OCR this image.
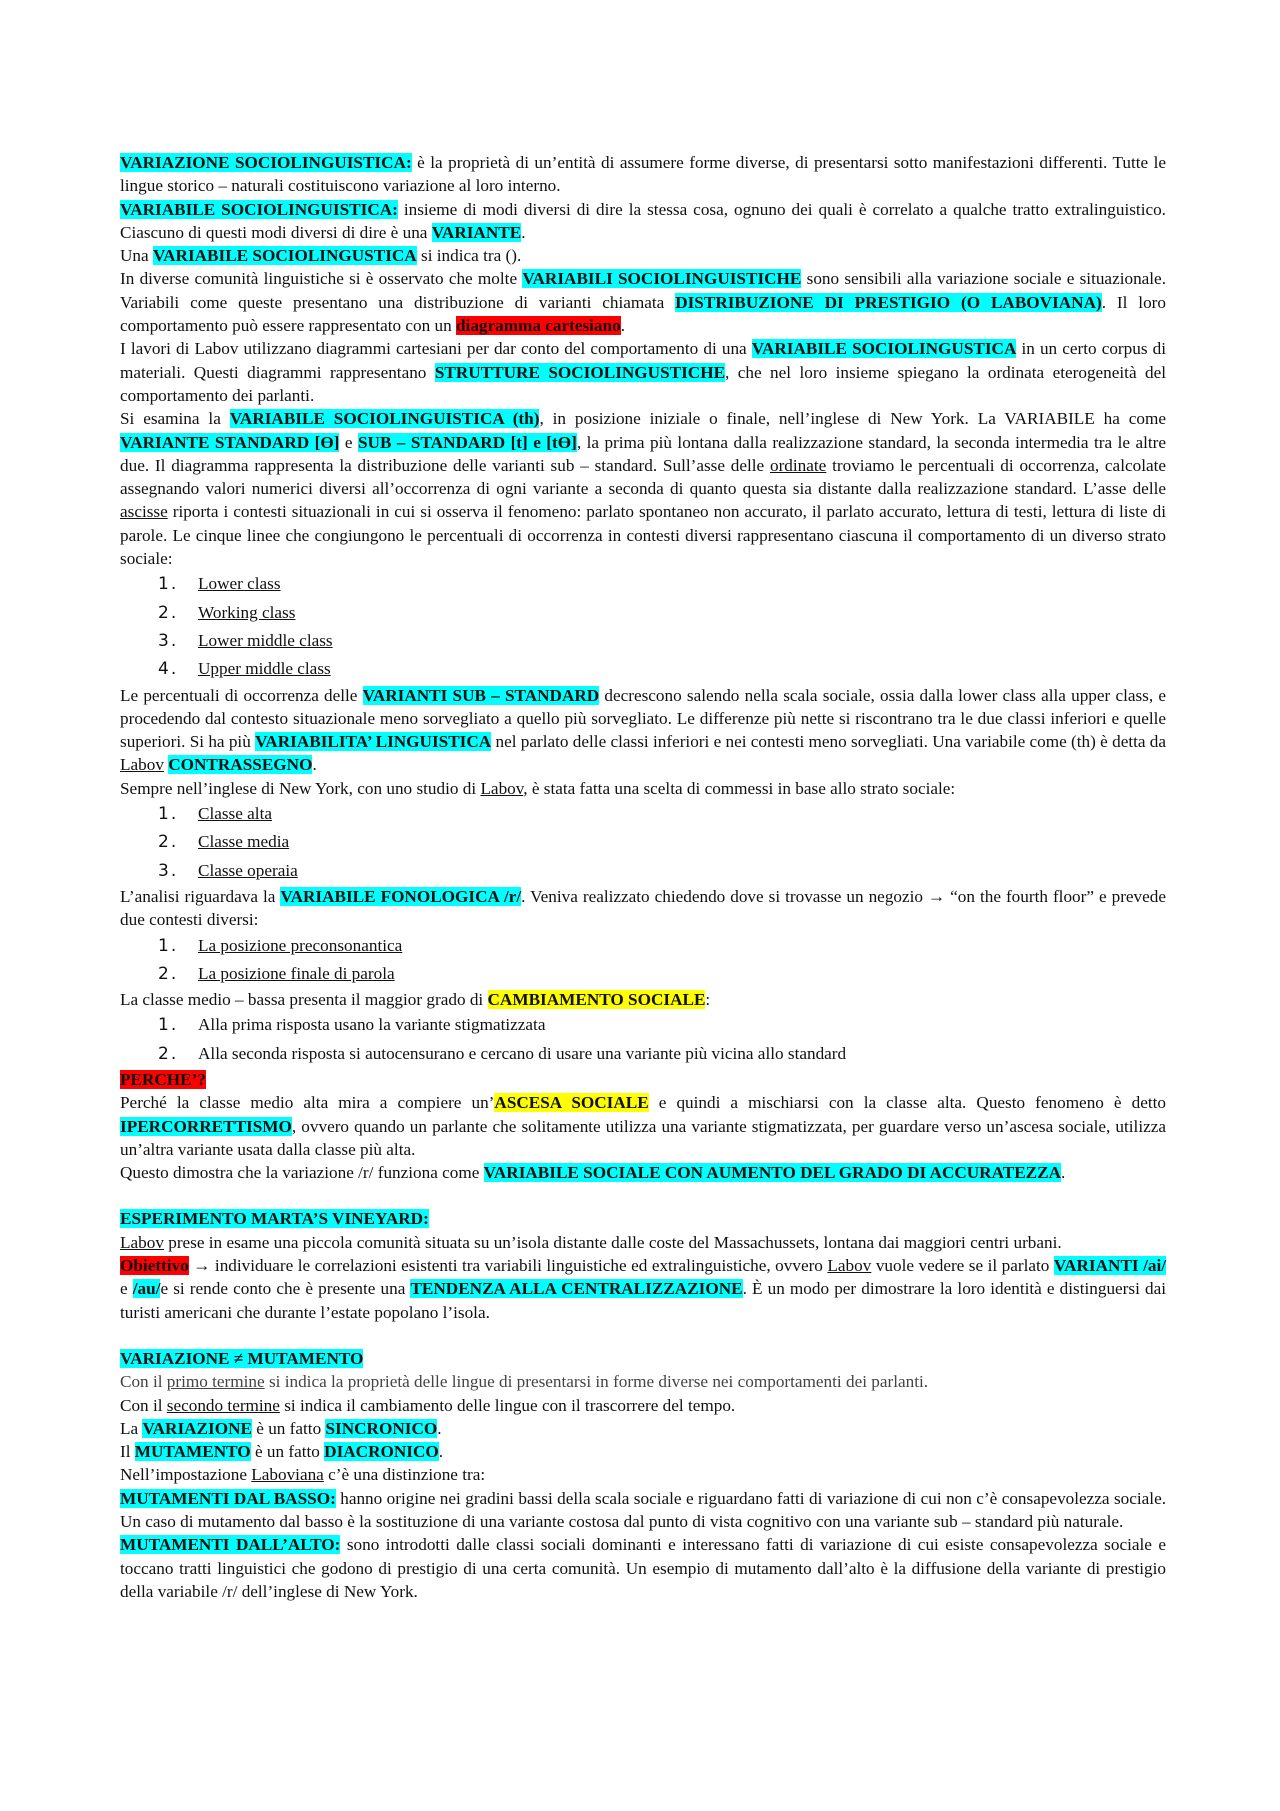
VARIAZIONE SOCIOLINGUISTICA: è la proprietà di un’entità di assumere forme diverse, di presentarsi sotto manifestazioni differenti. Tutte le lingue storico – naturali costituiscono variazione al loro interno.

VARIABILE SOCIOLINGUISTICA: insieme di modi diversi di dire la stessa cosa, ognuno dei quali è correlato a qualche tratto extralinguistico. Ciascuno di questi modi diversi di dire è una VARIANTE.

Una VARIABILE SOCIOLINGUSTICA si indica tra ().

In diverse comunità linguistiche si è osservato che molte VARIABILI SOCIOLINGUISTICHE sono sensibili alla variazione sociale e situazionale. Variabili come queste presentano una distribuzione di varianti chiamata DISTRIBUZIONE DI PRESTIGIO (O LABOVIANA). Il loro comportamento può essere rappresentato con un diagramma cartesiano.

I lavori di Labov utilizzano diagrammi cartesiani per dar conto del comportamento di una VARIABILE SOCIOLINGUSTICA in un certo corpus di materiali. Questi diagrammi rappresentano STRUTTURE SOCIOLINGUSTICHE, che nel loro insieme spiegano la ordinata eterogeneità del comportamento dei parlanti.

Si esamina la VARIABILE SOCIOLINGUISTICA (th), in posizione iniziale o finale, nell’inglese di New York. La VARIABILE ha come VARIANTE STANDARD [Ɵ] e SUB – STANDARD [t] e [tƟ], la prima più lontana dalla realizzazione standard, la seconda intermedia tra le altre due. Il diagramma rappresenta la distribuzione delle varianti sub – standard. Sull’asse delle ordinate troviamo le percentuali di occorrenza, calcolate assegnando valori numerici diversi all’occorrenza di ogni variante a seconda di quanto questa sia distante dalla realizzazione standard. L’asse delle ascisse riporta i contesti situazionali in cui si osserva il fenomeno: parlato spontaneo non accurato, il parlato accurato, lettura di testi, lettura di liste di parole. Le cinque linee che congiungono le percentuali di occorrenza in contesti diversi rappresentano ciascuna il comportamento di un diverso strato sociale:

1.	Lower class
2.	Working class
3.	Lower middle class
4.	Upper middle class

Le percentuali di occorrenza delle VARIANTI SUB – STANDARD decrescono salendo nella scala sociale, ossia dalla lower class alla upper class, e procedendo dal contesto situazionale meno sorvegliato a quello più sorvegliato. Le differenze più nette si riscontrano tra le due classi inferiori e quelle superiori. Si ha più VARIABILITA’ LINGUISTICA nel parlato delle classi inferiori e nei contesti meno sorvegliati. Una variabile come (th) è detta da Labov CONTRASSEGNO.

Sempre nell’inglese di New York, con uno studio di Labov, è stata fatta una scelta di commessi in base allo strato sociale:

1.	Classe alta
2.	Classe media
3.	Classe operaia

L’analisi riguardava la VARIABILE FONOLOGICA /r/. Veniva realizzato chiedendo dove si trovasse un negozio → “on the fourth floor” e prevede due contesti diversi:

1.	La posizione preconsonantica
2.	La posizione finale di parola

La classe medio – bassa presenta il maggior grado di CAMBIAMENTO SOCIALE:

1.	Alla prima risposta usano la variante stigmatizzata
2.	Alla seconda risposta si autocensurano e cercano di usare una variante più vicina allo standard

PERCHE’?

Perché la classe medio alta mira a compiere un’ASCESA SOCIALE e quindi a mischiarsi con la classe alta. Questo fenomeno è detto IPERCORRETTISMO, ovvero quando un parlante che solitamente utilizza una variante stigmatizzata, per guardare verso un’ascesa sociale, utilizza un’altra variante usata dalla classe più alta.

Questo dimostra che la variazione /r/ funziona come VARIABILE SOCIALE CON AUMENTO DEL GRADO DI ACCURATEZZA.

ESPERIMENTO MARTA’S VINEYARD:

Labov prese in esame una piccola comunità situata su un’isola distante dalle coste del Massachussets, lontana dai maggiori centri urbani.

Obiettivo → individuare le correlazioni esistenti tra variabili linguistiche ed extralinguistiche, ovvero Labov vuole vedere se il parlato VARIANTI /ai/ e /au/e si rende conto che è presente una TENDENZA ALLA CENTRALIZZAZIONE. È un modo per dimostrare la loro identità e distinguersi dai turisti americani che durante l’estate popolano l’isola.

VARIAZIONE ≠ MUTAMENTO

Con il primo termine si indica la proprietà delle lingue di presentarsi in forme diverse nei comportamenti dei parlanti.

Con il secondo termine si indica il cambiamento delle lingue con il trascorrere del tempo.

La VARIAZIONE è un fatto SINCRONICO.

Il MUTAMENTO è un fatto DIACRONICO.

Nell’impostazione Laboviana c’è una distinzione tra:

MUTAMENTI DAL BASSO: hanno origine nei gradini bassi della scala sociale e riguardano fatti di variazione di cui non c’è consapevolezza sociale. Un caso di mutamento dal basso è la sostituzione di una variante costosa dal punto di vista cognitivo con una variante sub – standard più naturale.

MUTAMENTI DALL’ALTO: sono introdotti dalle classi sociali dominanti e interessano fatti di variazione di cui esiste consapevolezza sociale e toccano tratti linguistici che godono di prestigio di una certa comunità. Un esempio di mutamento dall’alto è la diffusione della variante di prestigio della variabile /r/ dell’inglese di New York.
